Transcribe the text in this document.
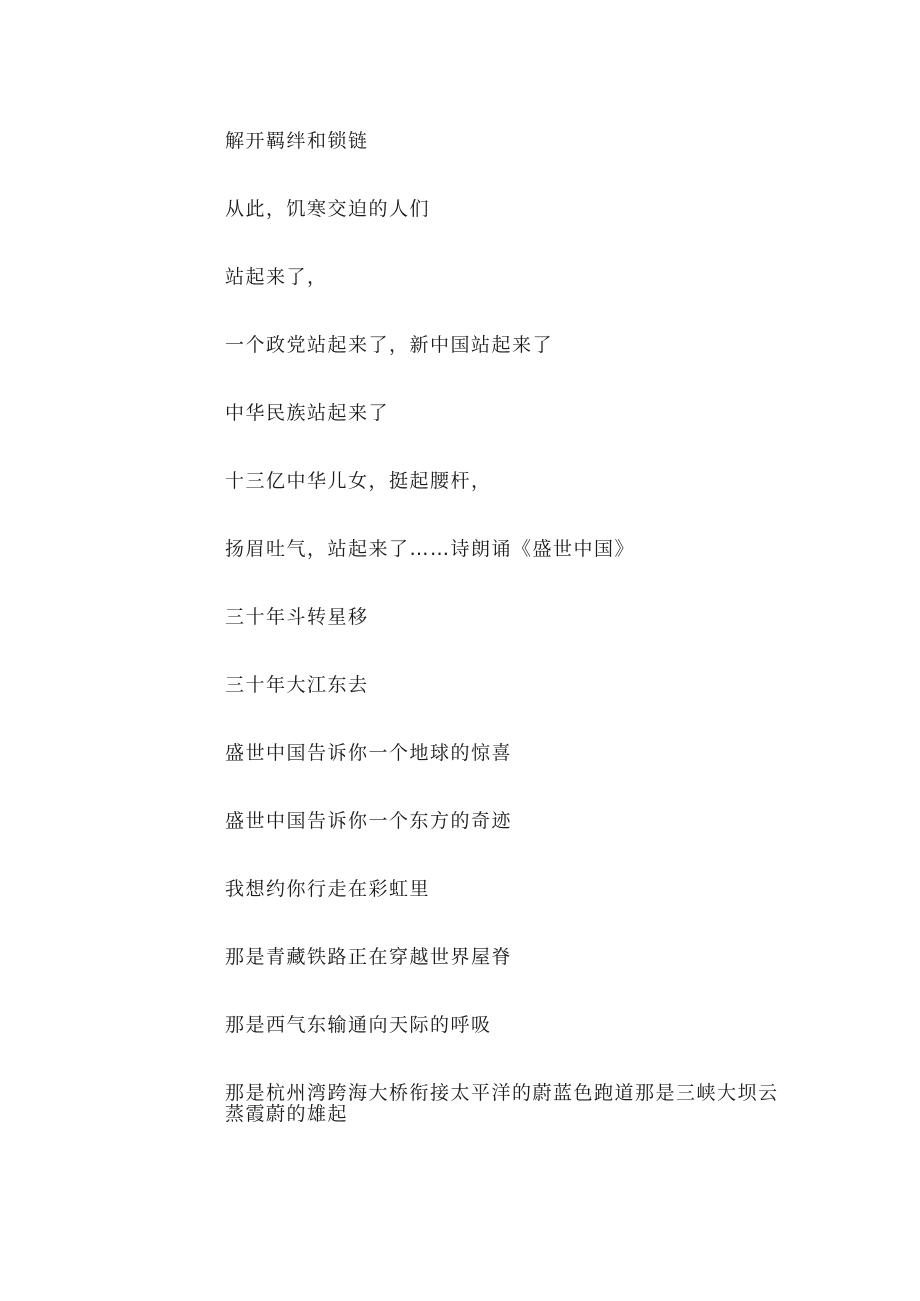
解开羁绊和锁链

从此，饥寒交迫的人们

站起来了，

一个政党站起来了，新中国站起来了

中华民族站起来了

十三亿中华儿女，挺起腰杆，

扬眉吐气，站起来了……诗朗诵《盛世中国》

三十年斗转星移

三十年大江东去

盛世中国告诉你一个地球的惊喜

盛世中国告诉你一个东方的奇迹

我想约你行走在彩虹里

那是青藏铁路正在穿越世界屋脊

那是西气东输通向天际的呼吸

那是杭州湾跨海大桥衔接太平洋的蔚蓝色跑道那是三峡大坝云蒸霞蔚的雄起
